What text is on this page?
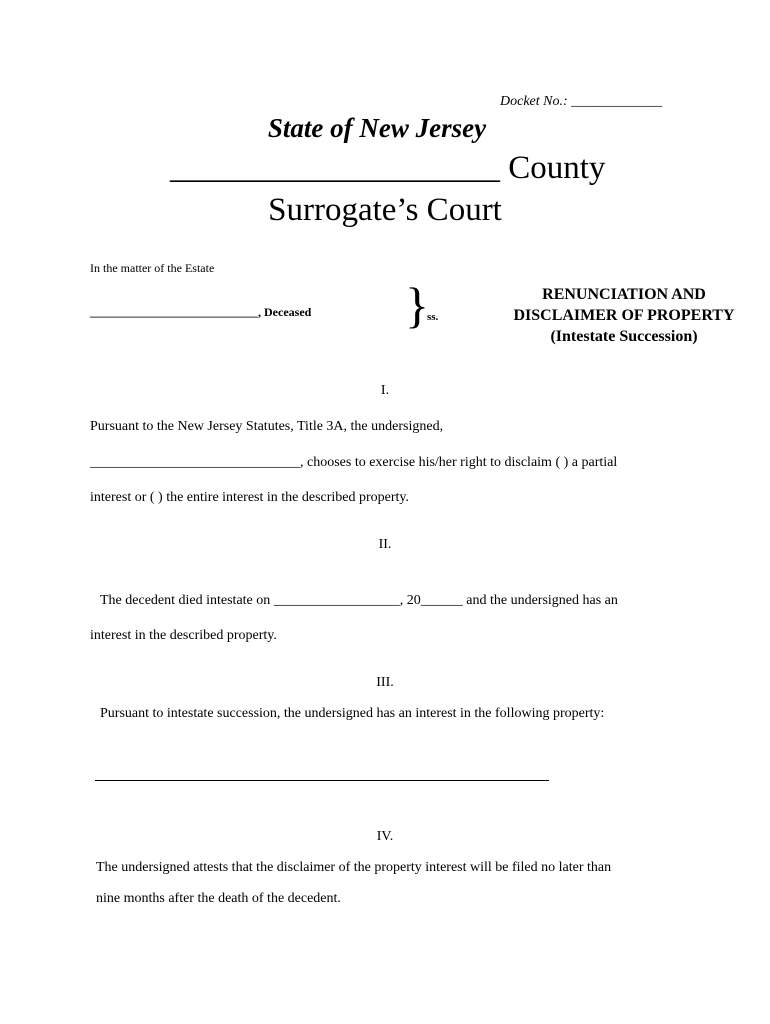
Docket No.: _____________
State of New Jersey
____________________ County
Surrogate’s Court
In the matter of the Estate
____________________________, Deceased }
ss.
RENUNCIATION AND
DISCLAIMER OF PROPERTY
(Intestate Succession)
I.
Pursuant to the New Jersey Statutes, Title 3A, the undersigned,
______________________________, chooses to exercise his/her right to disclaim ( ) a partial
interest or ( ) the entire interest in the described property.
II.
The decedent died intestate on __________________, 20______ and the undersigned has an
interest in the described property.
III.
Pursuant to intestate succession, the undersigned has an interest in the following property:
IV.
The undersigned attests that the disclaimer of the property interest will be filed no later than
nine months after the death of the decedent.
